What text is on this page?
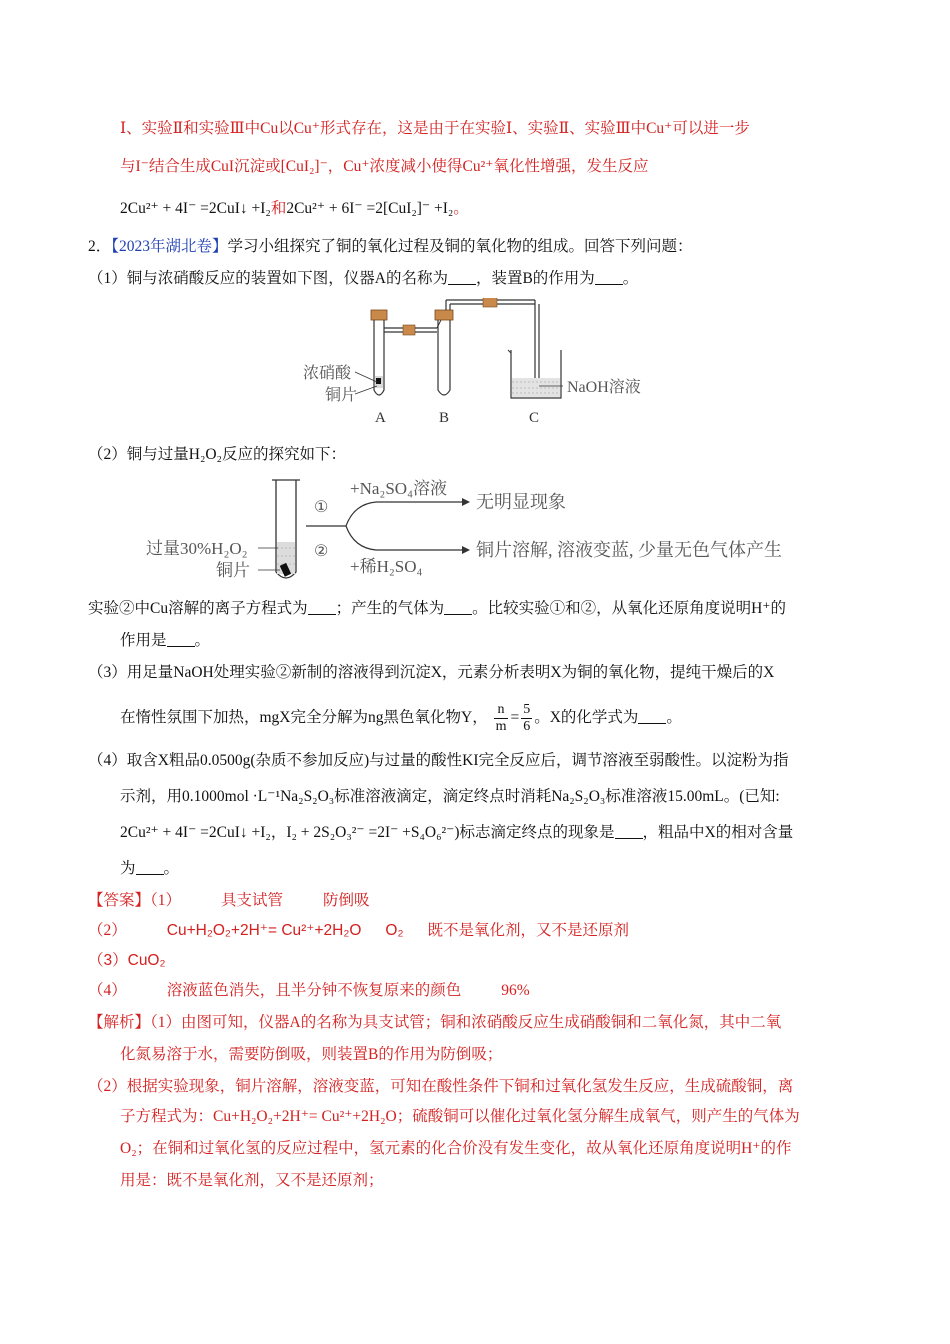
Ⅰ、实验Ⅱ和实验Ⅲ中Cu以Cu⁺形式存在，这是由于在实验Ⅰ、实验Ⅱ、实验Ⅲ中Cu⁺可以进一步
与I⁻结合生成CuI沉淀或[CuI₂]⁻，Cu⁺浓度减小使得Cu²⁺氧化性增强，发生反应
2Cu²⁺ + 4I⁻ =2CuI↓ +I₂和2Cu²⁺ + 6I⁻ =2[CuI₂]⁻ +I₂。
2．【2023年湖北卷】学习小组探究了铜的氧化过程及铜的氧化物的组成。回答下列问题：
（1）铜与浓硝酸反应的装置如下图，仪器A的名称为 ，装置B的作用为 。
浓硝酸
铜片	NaOH溶液
A	B	C
（2）铜与过量H₂O₂反应的探究如下：
过量30%H₂O₂
铜片
①
②
+Na₂SO₄溶液
+稀H₂SO₄
无明显现象
铜片溶解, 溶液变蓝, 少量无色气体产生
实验②中Cu溶解的离子方程式为 ；产生的气体为 。比较实验①和②，从氧化还原角度说明H⁺的
作用是 。
（3）用足量NaOH处理实验②新制的溶液得到沉淀X，元素分析表明X为铜的氧化物，提纯干燥后的X
在惰性氛围下加热，mgX完全分解为ng黑色氧化物Y， $\frac{n}{m} = \frac{5}{6}$ 。X的化学式为 。
（4）取含X粗品0.0500g(杂质不参加反应)与过量的酸性KI完全反应后，调节溶液至弱酸性。以淀粉为指
示剂，用0.1000mol ·L⁻¹Na₂S₂O₃标准溶液滴定，滴定终点时消耗Na₂S₂O₃标准溶液15.00mL。(已知:
2Cu²⁺ + 4I⁻ =2CuI↓ +I₂，I₂ + 2S₂O₃²⁻ =2I⁻ +S₄O₆²⁻)标志滴定终点的现象是 ，粗品中X的相对含量
为 。
【答案】（1）	具支试管	防倒吸
（2）	Cu+H₂O₂+2H⁺= Cu²⁺+2H₂O O₂ 既不是氧化剂，又不是还原剂
（3）CuO₂
（4）	溶液蓝色消失，且半分钟不恢复原来的颜色	96%
【解析】（1）由图可知，仪器A的名称为具支试管；铜和浓硝酸反应生成硝酸铜和二氧化氮，其中二氧
化氮易溶于水，需要防倒吸，则装置B的作用为防倒吸；
（2）根据实验现象，铜片溶解，溶液变蓝，可知在酸性条件下铜和过氧化氢发生反应，生成硫酸铜，离
子方程式为：Cu+H₂O₂+2H⁺= Cu²⁺+2H₂O；硫酸铜可以催化过氧化氢分解生成氧气，则产生的气体为
O₂；在铜和过氧化氢的反应过程中，氢元素的化合价没有发生变化，故从氧化还原角度说明H⁺的作
用是：既不是氧化剂，又不是还原剂；
